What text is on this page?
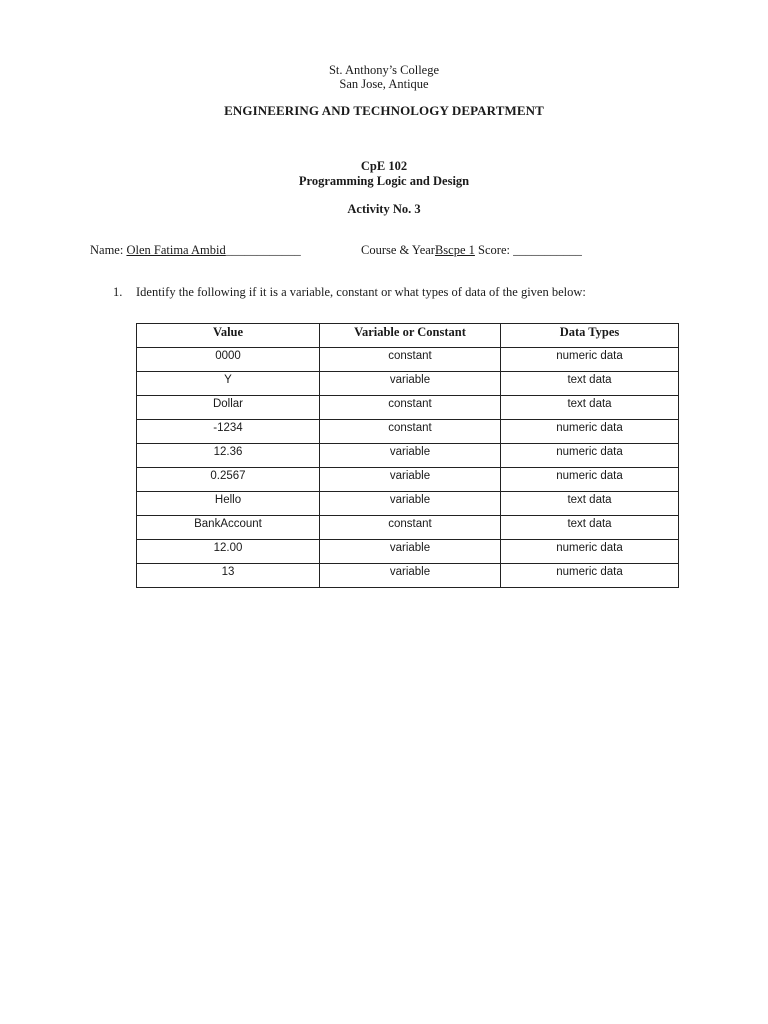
St. Anthony’s College
San Jose, Antique
ENGINEERING AND TECHNOLOGY DEPARTMENT
CpE 102
Programming Logic and Design
Activity No. 3
Name: Olen Fatima Ambid____________	Course & YearBscpe 1 Score: ___________
1. Identify the following if it is a variable, constant or what types of data of the given below:
Value	Variable or Constant	Data Types
0000	constant	numeric data
Y	variable	text data
Dollar	constant	text data
-1234	constant	numeric data
12.36	variable	numeric data
0.2567	variable	numeric data
Hello	variable	text data
BankAccount	constant	text data
12.00	variable	numeric data
13	variable	numeric data
